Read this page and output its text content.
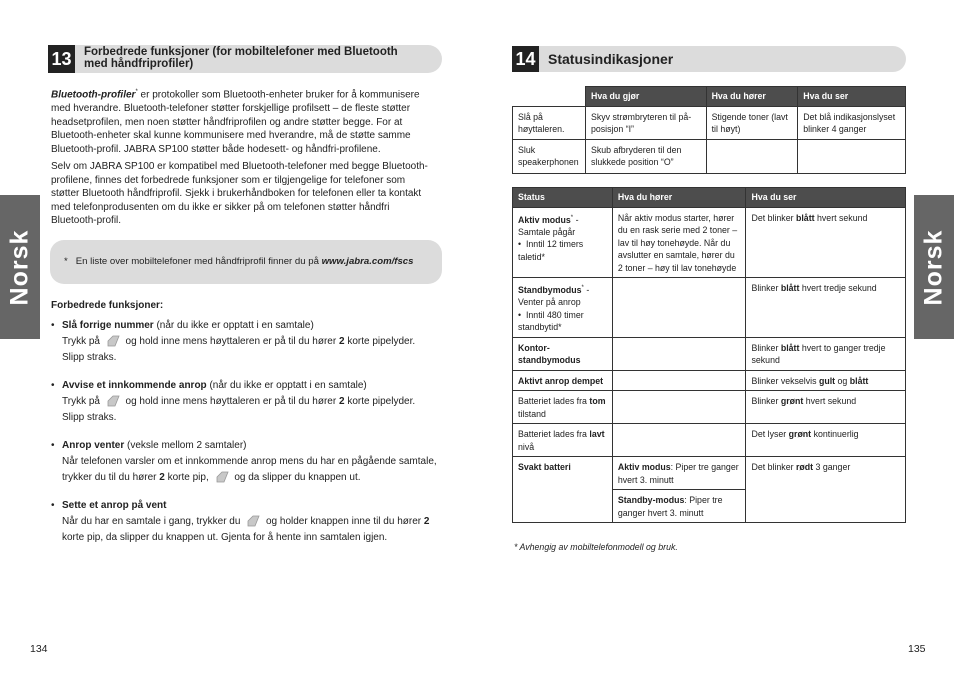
Norsk	Norsk
13	Forbedrede funksjoner (for mobiltelefoner med Bluetooth med håndfriprofiler)
Bluetooth-profiler* er protokoller som Bluetooth-enheter bruker for å kommunisere med hverandre. Bluetooth-telefoner støtter forskjellige profilsett – de fleste støtter headsetprofilen, men noen støtter håndfriprofilen og andre støtter begge. For at Bluetooth-enheter skal kunne kommunisere med hverandre, må de støtte samme Bluetooth-profil. JABRA SP100 støtter både hodesett- og håndfri-profilene.
Selv om JABRA SP100 er kompatibel med Bluetooth-telefoner med begge Bluetooth-profilene, finnes det forbedrede funksjoner som er tilgjengelige for telefoner som støtter Bluetooth håndfriprofil. Sjekk i brukerhåndboken for telefonen eller ta kontakt med telefonprodusenten om du ikke er sikker på om telefonen støtter håndfri Bluetooth-profil.
* En liste over mobiltelefoner med håndfriprofil finner du på www.jabra.com/fscs
Forbedrede funksjoner:
• Slå forrige nummer (når du ikke er opptatt i en samtale)
Trykk på	og hold inne mens høyttaleren er på til du hører 2 korte pipelyder.
Slipp straks.
• Avvise et innkommende anrop (når du ikke er opptatt i en samtale)
Trykk på	og hold inne mens høyttaleren er på til du hører 2 korte pipelyder.
Slipp straks.
• Anrop venter (veksle mellom 2 samtaler)
Når telefonen varsler om et innkommende anrop mens du har en pågående samtale, trykker du til du hører 2 korte pip,	og da slipper du knappen ut.
• Sette et anrop på vent
Når du har en samtale i gang, trykker du	og holder knappen inne til du hører 2
korte pip, da slipper du knappen ut. Gjenta for å hente inn samtalen igjen.
134
14 Statusindikasjoner
	Hva du gjør	Hva du hører	Hva du ser
Slå på høyttaleren.	Skyv strømbryteren til på-posisjon “I”	Stigende toner (lavt til høyt)	Det blå indikasjonslyset blinker 4 ganger
Sluk speakerphonen	Skub afbryderen til den slukkede position “O”		
Status	Hva du hører	Hva du ser
Aktiv modus* - Samtale pågår
•  Inntil 12 timers taletid*	Når aktiv modus starter, hører du en rask serie med 2 toner – lav til høy tonehøyde. Når du avslutter en samtale, hører du 2 toner – høy til lav tonehøyde	Det blinker blått hvert sekund
Standbymodus* - Venter på anrop
•  Inntil 480 timer standbytid*		Blinker blått hvert tredje sekund
Kontor-standbymodus		Blinker blått hvert to ganger tredje sekund
Aktivt anrop dempet		Blinker vekselvis gult og blått
Batteriet lades fra tom tilstand		Blinker grønt hvert sekund
Batteriet lades fra lavt nivå		Det lyser grønt kontinuerlig
Svakt batteri	Aktiv modus: Piper tre ganger hvert 3. minutt	Det blinker rødt 3 ganger
	Standby-modus: Piper tre ganger hvert 3. minutt	
* Avhengig av mobiltelefonmodell og bruk.
135
